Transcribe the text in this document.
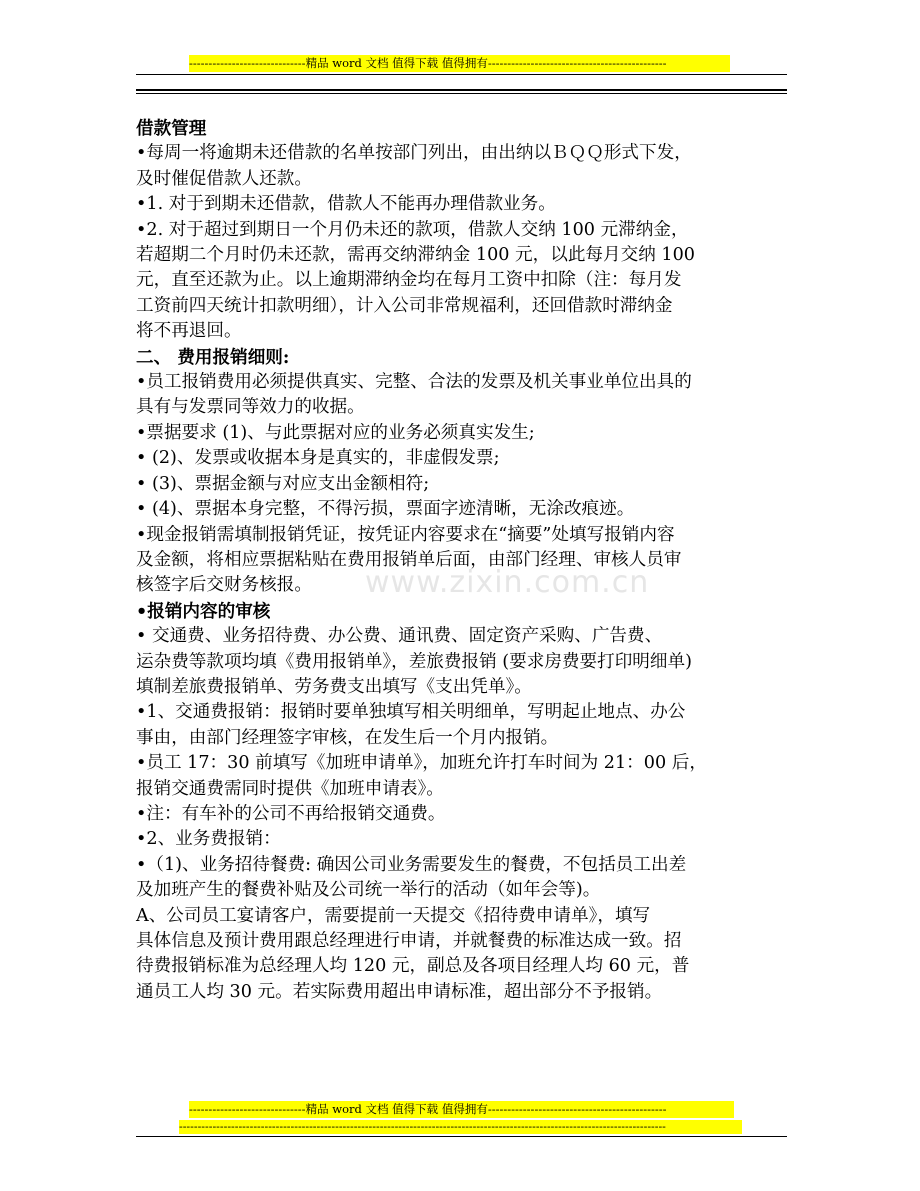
------------------------------精品 word 文档 值得下载 值得拥有----------------------------------------------
www.zixin.com.cn

借款管理

•每周一将逾期未还借款的名单按部门列出，由出纳以ＢＱＱ形式下发，

及时催促借款人还款。

•1. 对于到期未还借款，借款人不能再办理借款业务。

•2. 对于超过到期日一个月仍未还的款项，借款人交纳 100 元滞纳金，

若超期二个月时仍未还款，需再交纳滞纳金 100 元，以此每月交纳 100

元，直至还款为止。以上逾期滞纳金均在每月工资中扣除（注：每月发

工资前四天统计扣款明细），计入公司非常规福利，还回借款时滞纳金

将不再退回。

二、 费用报销细则:

•员工报销费用必须提供真实、完整、合法的发票及机关事业单位出具的

具有与发票同等效力的收据。

•票据要求 (1)、与此票据对应的业务必须真实发生;

• (2)、发票或收据本身是真实的，非虚假发票;

• (3)、票据金额与对应支出金额相符;

• (4)、票据本身完整，不得污损，票面字迹清晰，无涂改痕迹。

•现金报销需填制报销凭证，按凭证内容要求在“摘要”处填写报销内容

及金额，将相应票据粘贴在费用报销单后面，由部门经理、审核人员审

核签字后交财务核报。

•报销内容的审核

• 交通费、业务招待费、办公费、通讯费、固定资产采购、广告费、

运杂费等款项均填《费用报销单》，差旅费报销 (要求房费要打印明细单)

填制差旅费报销单、劳务费支出填写《支出凭单》。

•1、交通费报销：报销时要单独填写相关明细单，写明起止地点、办公

事由，由部门经理签字审核，在发生后一个月内报销。

•员工 17：30 前填写《加班申请单》，加班允许打车时间为 21：00 后，

报销交通费需同时提供《加班申请表》。

•注：有车补的公司不再给报销交通费。

•2、业务费报销：

•（1)、业务招待餐费: 确因公司业务需要发生的餐费，不包括员工出差

及加班产生的餐费补贴及公司统一举行的活动（如年会等)。

A、公司员工宴请客户，需要提前一天提交《招待费申请单》，填写

具体信息及预计费用跟总经理进行申请，并就餐费的标准达成一致。招

待费报销标准为总经理人均 120 元，副总及各项目经理人均 60 元，普

通员工人均 30 元。若实际费用超出申请标准，超出部分不予报销。

------------------------------精品 word 文档 值得下载 值得拥有----------------------------------------------
-----------------------------------------------------------------------------------------------------------------------------------
